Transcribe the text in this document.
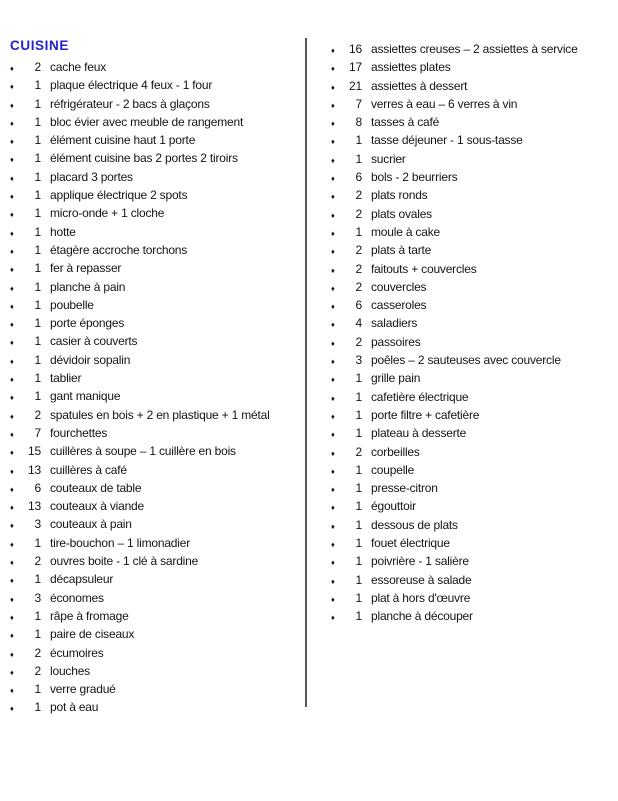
CUISINE
♦	2 cache feux
♦	1 plaque électrique 4 feux - 1 four
♦	1 réfrigérateur - 2 bacs à glaçons
♦	1 bloc évier avec meuble de rangement
♦	1 élément cuisine haut 1 porte
♦	1 élément cuisine bas 2 portes 2 tiroirs
♦	1 placard 3 portes
♦	1 applique électrique 2 spots
♦	1 micro-onde + 1 cloche
♦	1 hotte
♦	1 étagère accroche torchons
♦	1 fer à repasser
♦	1 planche à pain
♦	1 poubelle
♦	1 porte éponges
♦	1 casier à couverts
♦	1 dévidoir sopalin
♦	1 tablier
♦	1 gant manique
♦	2 spatules en bois + 2 en plastique + 1 métal
♦	7 fourchettes
♦	15 cuillères à soupe – 1 cuillère en bois
♦	13 cuillères à café
♦	6 couteaux de table
♦	13 couteaux à viande
♦	3 couteaux à pain
♦	1 tire-bouchon – 1 limonadier
♦	2 ouvres boite - 1 clé à sardine
♦	1 décapsuleur
♦	3 économes
♦	1 râpe à fromage
♦	1 paire de ciseaux
♦	2 écumoires
♦	2 louches
♦	1 verre gradué
♦	1 pot à eau
♦	16 assiettes creuses – 2 assiettes à service
♦	17 assiettes plates
♦	21 assiettes à dessert
♦	7 verres à eau – 6 verres à vin
♦	8 tasses à café
♦	1 tasse déjeuner - 1 sous-tasse
♦	1 sucrier
♦	6 bols - 2 beurriers
♦	2 plats ronds
♦	2 plats ovales
♦	1 moule à cake
♦	2 plats à tarte
♦	2 faitouts + couvercles
♦	2 couvercles
♦	6 casseroles
♦	4 saladiers
♦	2 passoires
♦	3 poêles – 2 sauteuses avec couvercle
♦	1 grille pain
♦	1 cafetière électrique
♦	1 porte filtre + cafetière
♦	1 plateau à desserte
♦	2 corbeilles
♦	1 coupelle
♦	1 presse-citron
♦	1 égouttoir
♦	1 dessous de plats
♦	1 fouet électrique
♦	1 poivrière - 1 salière
♦	1 essoreuse à salade
♦	1 plat à hors d'œuvre
♦	1 planche à découper
